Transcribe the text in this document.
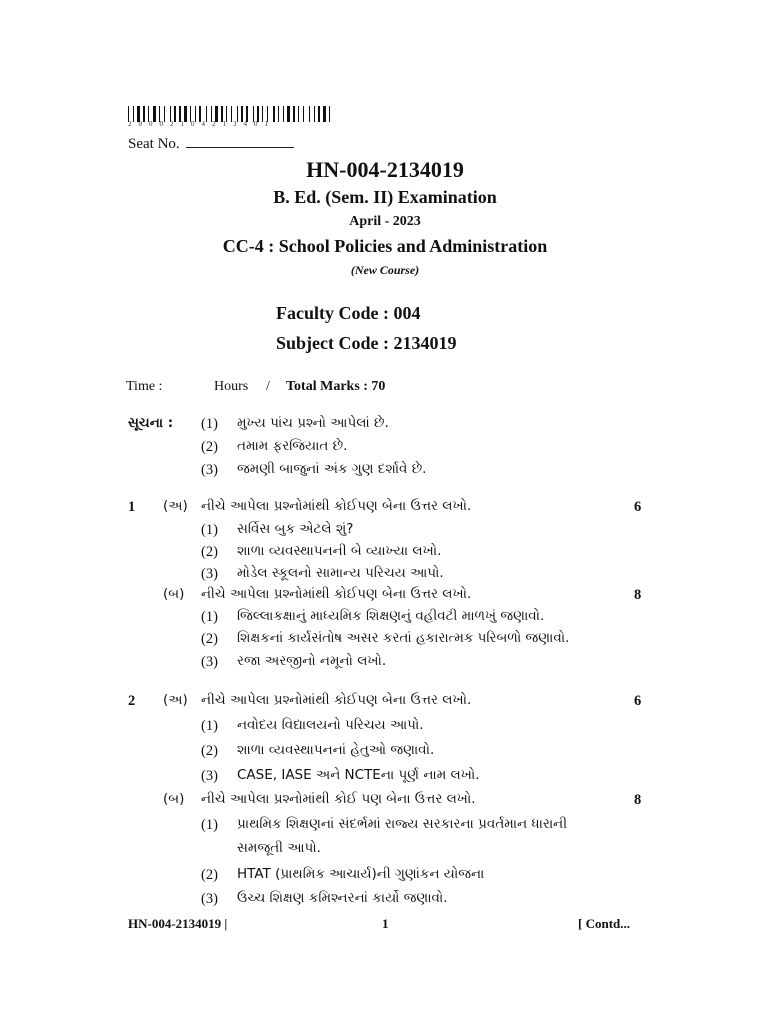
20002104213401
Seat No.
HN-004-2134019
B. Ed. (Sem. II) Examination
April - 2023
CC-4 : School Policies and Administration
(New Course)
Faculty Code : 004
Subject Code : 2134019
Time :	Hours / Total Marks : 70
સૂચના : (1) મુખ્ય પાંચ પ્રશ્નો આપેલાં છે.
(2) તમામ ફરજિયાત છે.
(3) જમણી બાજુનાં અંક ગુણ દર્શાવે છે.
1 (અ) નીચે આપેલા પ્રશ્નોમાંથી કોઈપણ બેના ઉત્તર લખો.	6
(1) સર્વિસ બુક એટલે શું?
(2) શાળા વ્યવસ્થાપનની બે વ્યાખ્યા લખો.
(3) મોડેલ સ્કૂલનો સામાન્ય પરિચય આપો.
(બ) નીચે આપેલા પ્રશ્નોમાંથી કોઈપણ બેના ઉત્તર લખો.	8
(1) જિલ્લાકક્ષાનું માધ્યમિક શિક્ષણનું વહીવટી માળખું જણાવો.
(2) શિક્ષકનાં કાર્યસંતોષ અસર કરતાં હકારાત્મક પરિબળો જણાવો.
(3) રજા અરજીનો નમૂનો લખો.
2 (અ) નીચે આપેલા પ્રશ્નોમાંથી કોઈપણ બેના ઉત્તર લખો.	6
(1) નવોદય વિદ્યાલયનો પરિચય આપો.
(2) શાળા વ્યવસ્થાપનનાં હેતુઓ જણાવો.
(3) CASE, IASE અને NCTEના પૂર્ણ નામ લખો.
(બ) નીચે આપેલા પ્રશ્નોમાંથી કોઈ પણ બેના ઉત્તર લખો.	8
(1) પ્રાથમિક શિક્ષણનાં સંદર્ભમાં રાજ્ય સરકારના પ્રવર્તમાન ધારાની
સમજૂતી આપો.
(2) HTAT (પ્રાથમિક આચાર્ય)ની ગુણાંકન યોજના
(3) ઉચ્ચ શિક્ષણ કમિશ્નરનાં કાર્યો જણાવો.
HN-004-2134019 |	1	[ Contd...
